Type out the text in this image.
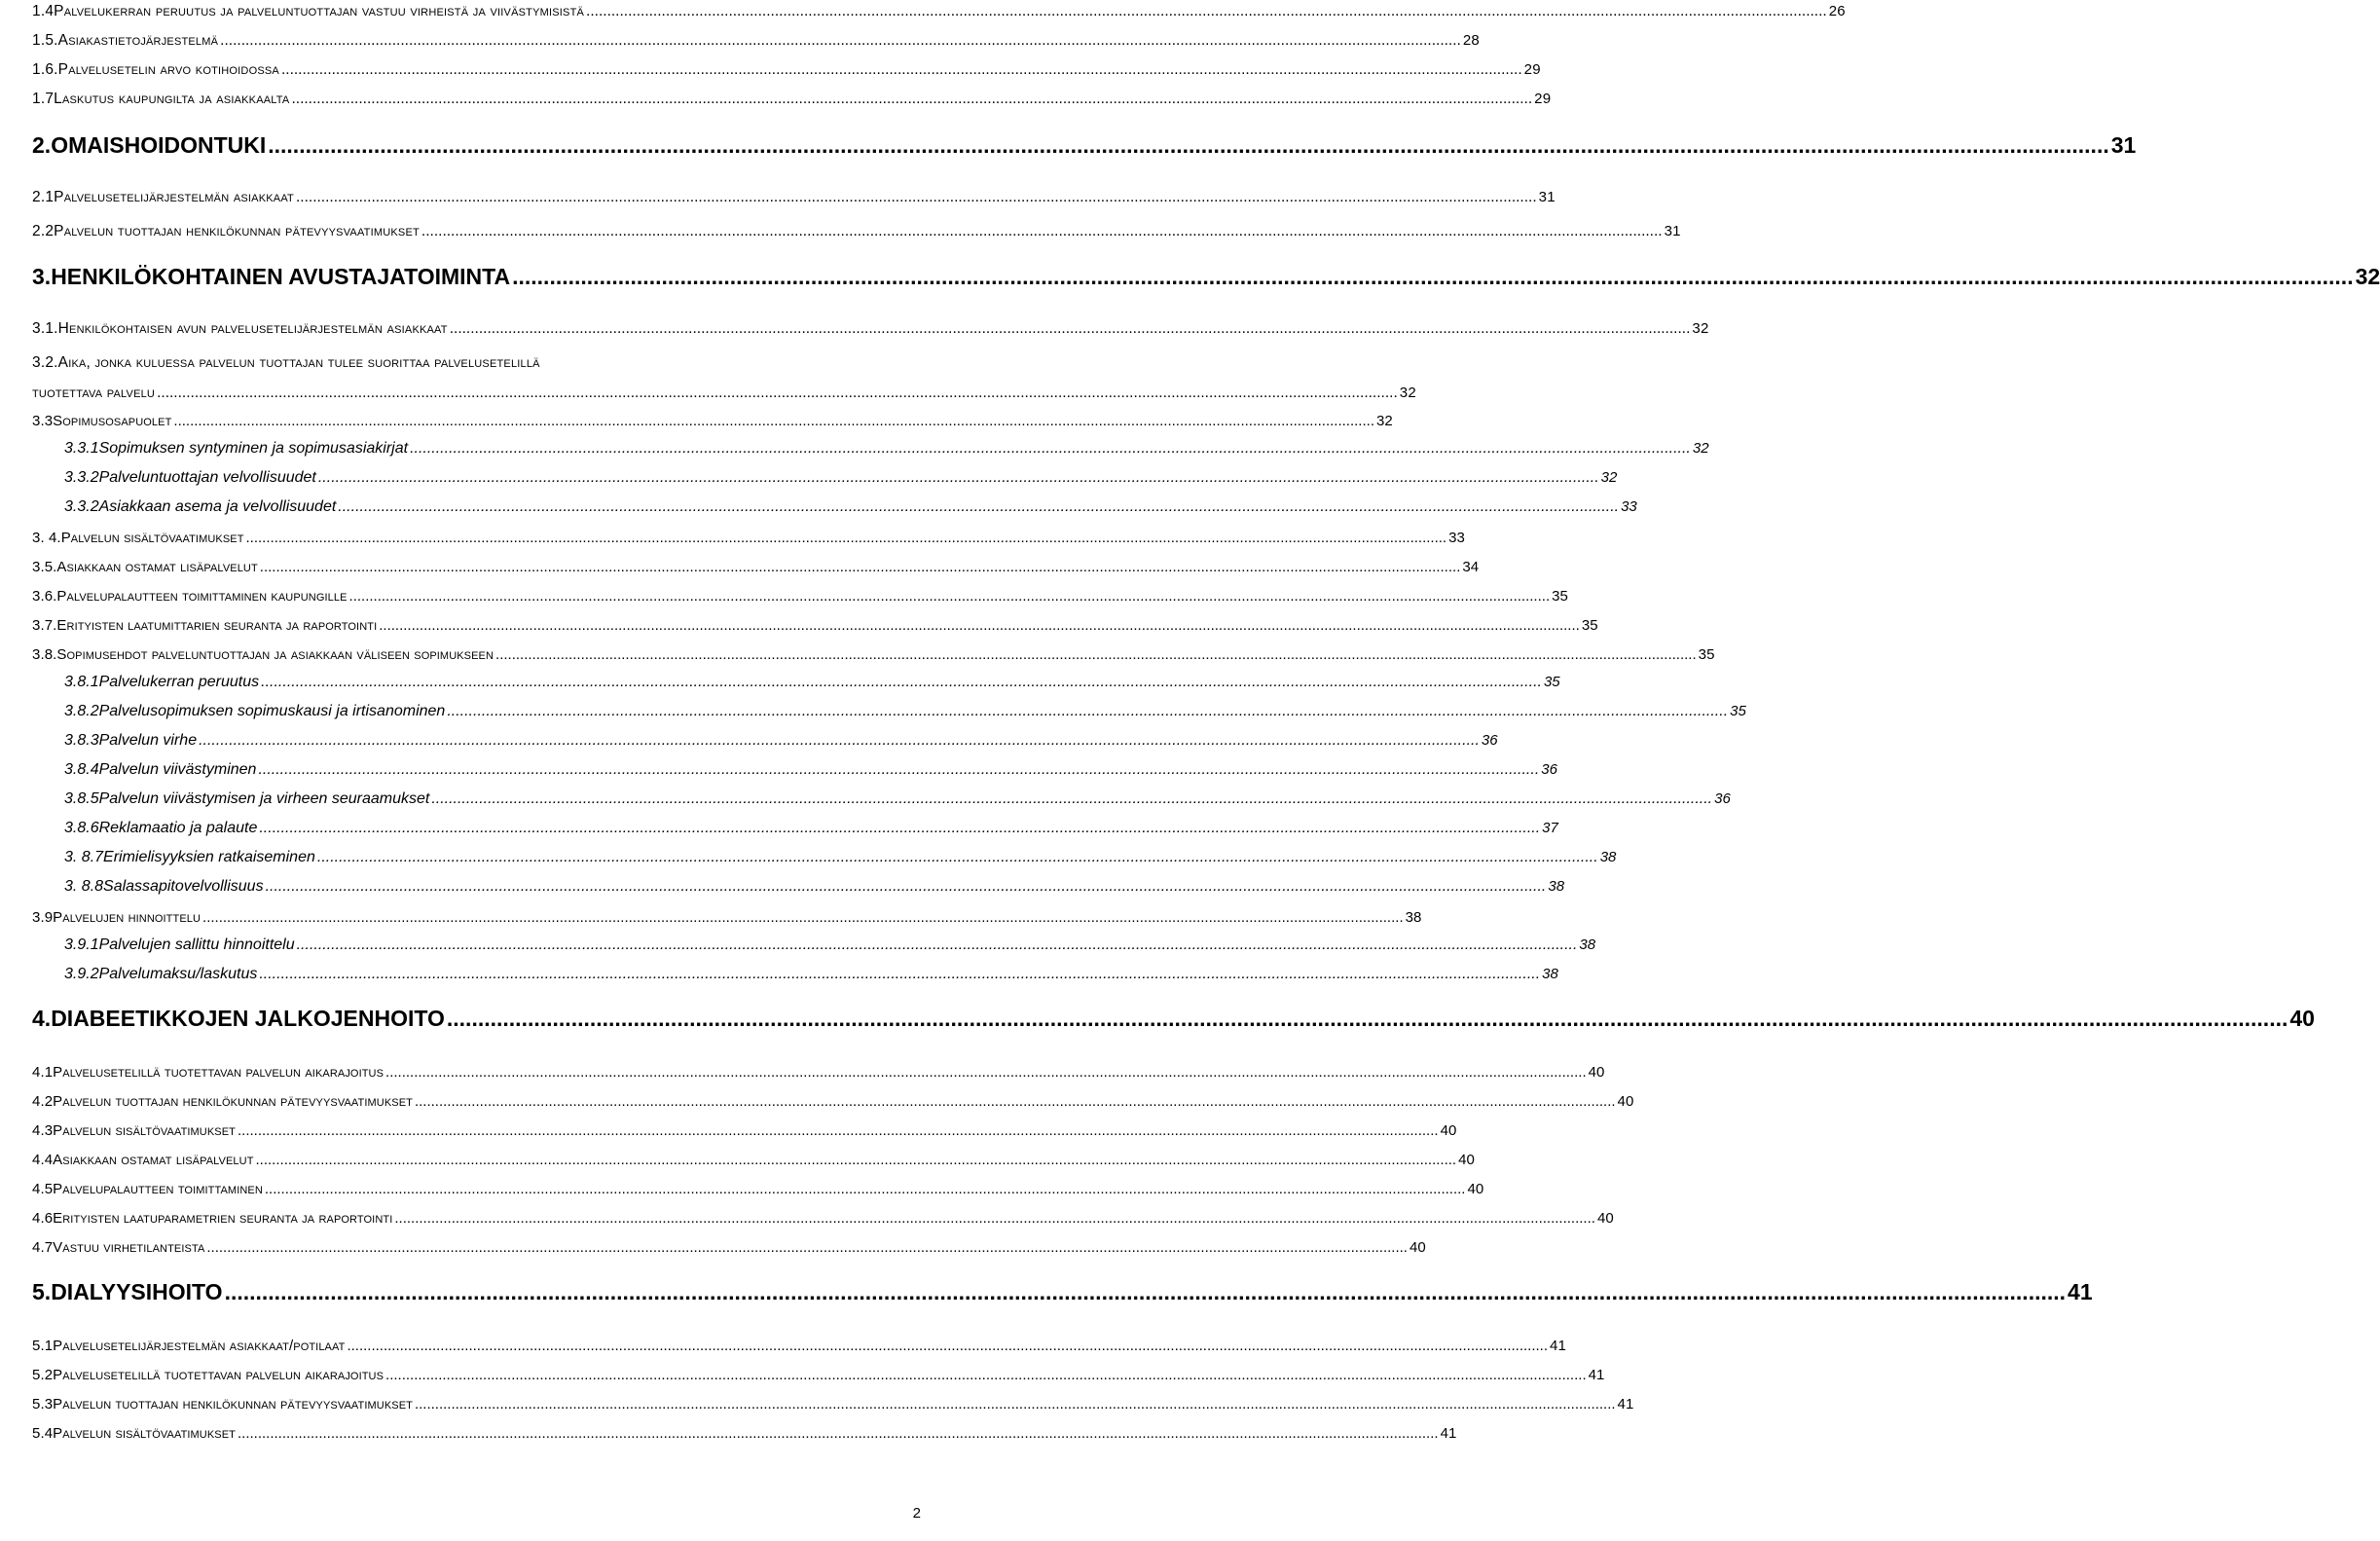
1.4 Palvelukerran peruutus ja palveluntuottajan vastuu virheistä ja viivästymisistä .....	26
1.5. Asiakastietojärjestelmä .....	28
1.6. Palvelusetelin arvo kotihoidossa .....	29
1.7 Laskutus kaupungilta ja asiakkaalta .....	29
2. OMAISHOIDONTUKI .....	31
2.1 Palvelusetelijärjestelmän asiakkaat .....	31
2.2 Palvelun tuottajan henkilökunnan pätevyysvaatimukset .....	31
3. HENKILÖKOHTAINEN AVUSTAJATOIMINTA .....	32
3.1. Henkilökohtaisen avun palvelusetelijärjestelmän asiakkaat .....	32
3.2. Aika, jonka kuluessa palvelun tuottajan tulee suorittaa palvelusetelillä
tuotettava palvelu .....	32
3.3 Sopimusosapuolet .....	32
3.3.1 Sopimuksen syntyminen ja sopimusasiakirjat .....	32
3.3.2 Palveluntuottajan velvollisuudet .....	32
3.3.2 Asiakkaan asema ja velvollisuudet .....	33
3. 4. Palvelun sisältövaatimukset .....	33
3.5. Asiakkaan ostamat lisäpalvelut .....	34
3.6. Palvelupalautteen toimittaminen kaupungille .....	35
3.7. Erityisten laatumittarien seuranta ja raportointi .....	35
3.8. Sopimusehdot palveluntuottajan ja asiakkaan väliseen sopimukseen .....	35
3.8.1 Palvelukerran peruutus .....	35
3.8.2 Palvelusopimuksen sopimuskausi ja irtisanominen .....	35
3.8.3 Palvelun virhe .....	36
3.8.4 Palvelun viivästyminen .....	36
3.8.5 Palvelun viivästymisen ja virheen seuraamukset .....	36
3.8.6 Reklamaatio ja palaute .....	37
3. 8.7 Erimielisyyksien ratkaiseminen .....	38
3. 8.8 Salassapitovelvollisuus .....	38
3.9 Palvelujen hinnoittelu .....	38
3.9.1 Palvelujen sallittu hinnoittelu .....	38
3.9.2 Palvelumaksu/laskutus .....	38
4. DIABEETIKKOJEN JALKOJENHOITO .....	40
4.1 Palvelusetelillä tuotettavan palvelun aikarajoitus .....	40
4.2 Palvelun tuottajan henkilökunnan pätevyysvaatimukset .....	40
4.3 Palvelun sisältövaatimukset .....	40
4.4 Asiakkaan ostamat lisäpalvelut .....	40
4.5 Palvelupalautteen toimittaminen .....	40
4.6 Erityisten laatuparametrien seuranta ja raportointi .....	40
4.7 Vastuu virhetilanteista .....	40
5. DIALYYSIHOITO .....	41
5.1 Palvelusetelijärjestelmän asiakkaat/potilaat .....	41
5.2 Palvelusetelillä tuotettavan palvelun aikarajoitus .....	41
5.3 Palvelun tuottajan henkilökunnan pätevyysvaatimukset .....	41
5.4 Palvelun sisältövaatimukset .....	41
2
